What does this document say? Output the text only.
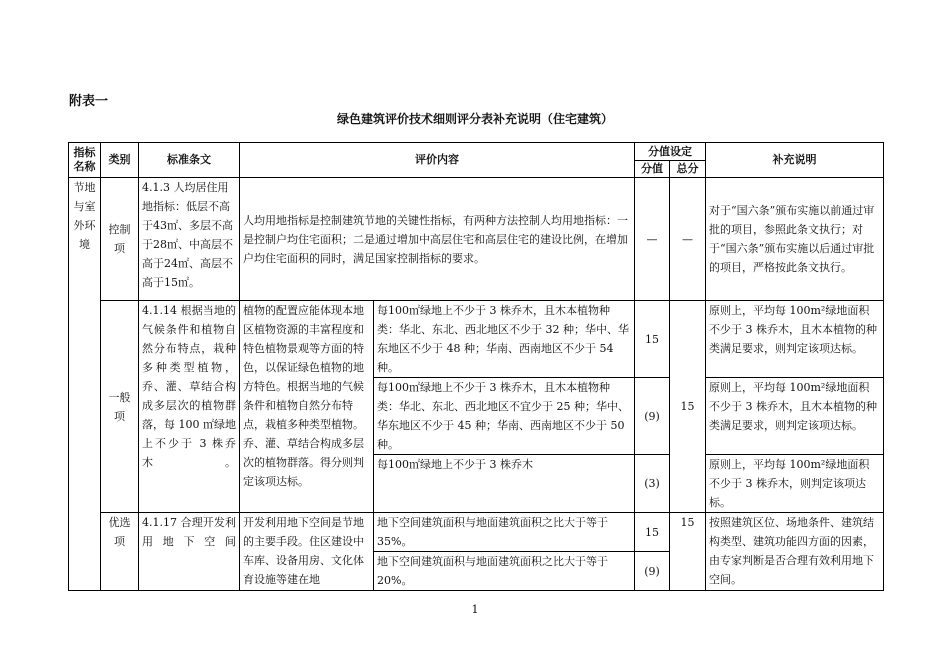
附表一
绿色建筑评价技术细则评分表补充说明（住宅建筑）
指标名称	类别	标准条文	评价内容		分值设定		补充说明
					分值	总分	
节地与室外环境	控制项	4.1.3 人均居住用地指标：低层不高于43㎡、多层不高于28㎡、中高层不高于24㎡、高层不高于15㎡。	人均用地指标是控制建筑节地的关键性指标，有两种方法控制人均用地指标：一是控制户均住宅面积；二是通过增加中高层住宅和高层住宅的建设比例，在增加户均住宅面积的同时，满足国家控制指标的要求。		—	—	对于“国六条”颁布实施以前通过审批的项目，参照此条文执行；对于“国六条”颁布实施以后通过审批的项目，严格按此条文执行。
	一般项	4.1.14 根据当地的气候条件和植物自然分布特点，栽种多种类型植物，乔、灌、草结合构成多层次的植物群落，每 100 ㎡绿地上不少于 3 株乔木。	植物的配置应能体现本地区植物资源的丰富程度和特色植物景观等方面的特色，以保证绿色植物的地方特色。根据当地的气候条件和植物自然分布特点，栽植多种类型植物。乔、灌、草结合构成多层次的植物群落。得分则判定该项达标。	每100㎡绿地上不少于 3 株乔木，且木本植物种类：华北、东北、西北地区不少于 32 种；华中、华东地区不少于 48 种；华南、西南地区不少于 54 种。	15	15	原则上，平均每 100m²绿地面积不少于 3 株乔木，且木本植物的种类满足要求，则判定该项达标。
				每100㎡绿地上不少于 3 株乔木，且木本植物种类：华北、东北、西北地区不宜少于 25 种；华中、华东地区不少于 45 种；华南、西南地区不少于 50 种。	(9)		原则上，平均每 100m²绿地面积不少于 3 株乔木，且木本植物的种类满足要求，则判定该项达标。
				每100㎡绿地上不少于 3 株乔木	(3)		原则上，平均每 100m²绿地面积不少于 3 株乔木，则判定该项达标。
	优选项	4.1.17 合理开发利用地下空间	开发利用地下空间是节地的主要手段。住区建设中车库、设备用房、文化体育设施等建在地	地下空间建筑面积与地面建筑面积之比大于等于35%。	15	15	按照建筑区位、场地条件、建筑结构类型、建筑功能四方面的因素，由专家判断是否合理有效利用地下空间。
				地下空间建筑面积与地面建筑面积之比大于等于20%。	(9)		
1
